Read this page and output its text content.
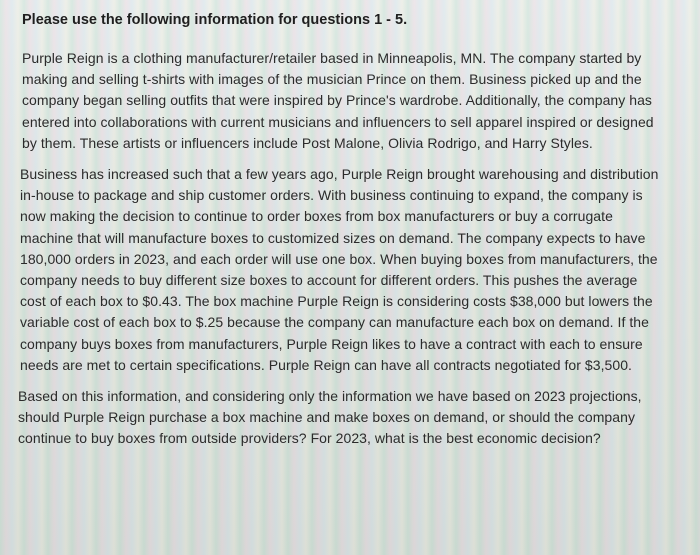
Please use the following information for questions 1 - 5.

Purple Reign is a clothing manufacturer/retailer based in Minneapolis, MN. The company started by making and selling t-shirts with images of the musician Prince on them. Business picked up and the company began selling outfits that were inspired by Prince's wardrobe. Additionally, the company has entered into collaborations with current musicians and influencers to sell apparel inspired or designed by them. These artists or influencers include Post Malone, Olivia Rodrigo, and Harry Styles.

Business has increased such that a few years ago, Purple Reign brought warehousing and distribution in-house to package and ship customer orders. With business continuing to expand, the company is now making the decision to continue to order boxes from box manufacturers or buy a corrugate machine that will manufacture boxes to customized sizes on demand. The company expects to have 180,000 orders in 2023, and each order will use one box. When buying boxes from manufacturers, the company needs to buy different size boxes to account for different orders. This pushes the average cost of each box to $0.43. The box machine Purple Reign is considering costs $38,000 but lowers the variable cost of each box to $.25 because the company can manufacture each box on demand. If the company buys boxes from manufacturers, Purple Reign likes to have a contract with each to ensure needs are met to certain specifications. Purple Reign can have all contracts negotiated for $3,500.

Based on this information, and considering only the information we have based on 2023 projections, should Purple Reign purchase a box machine and make boxes on demand, or should the company continue to buy boxes from outside providers? For 2023, what is the best economic decision?
